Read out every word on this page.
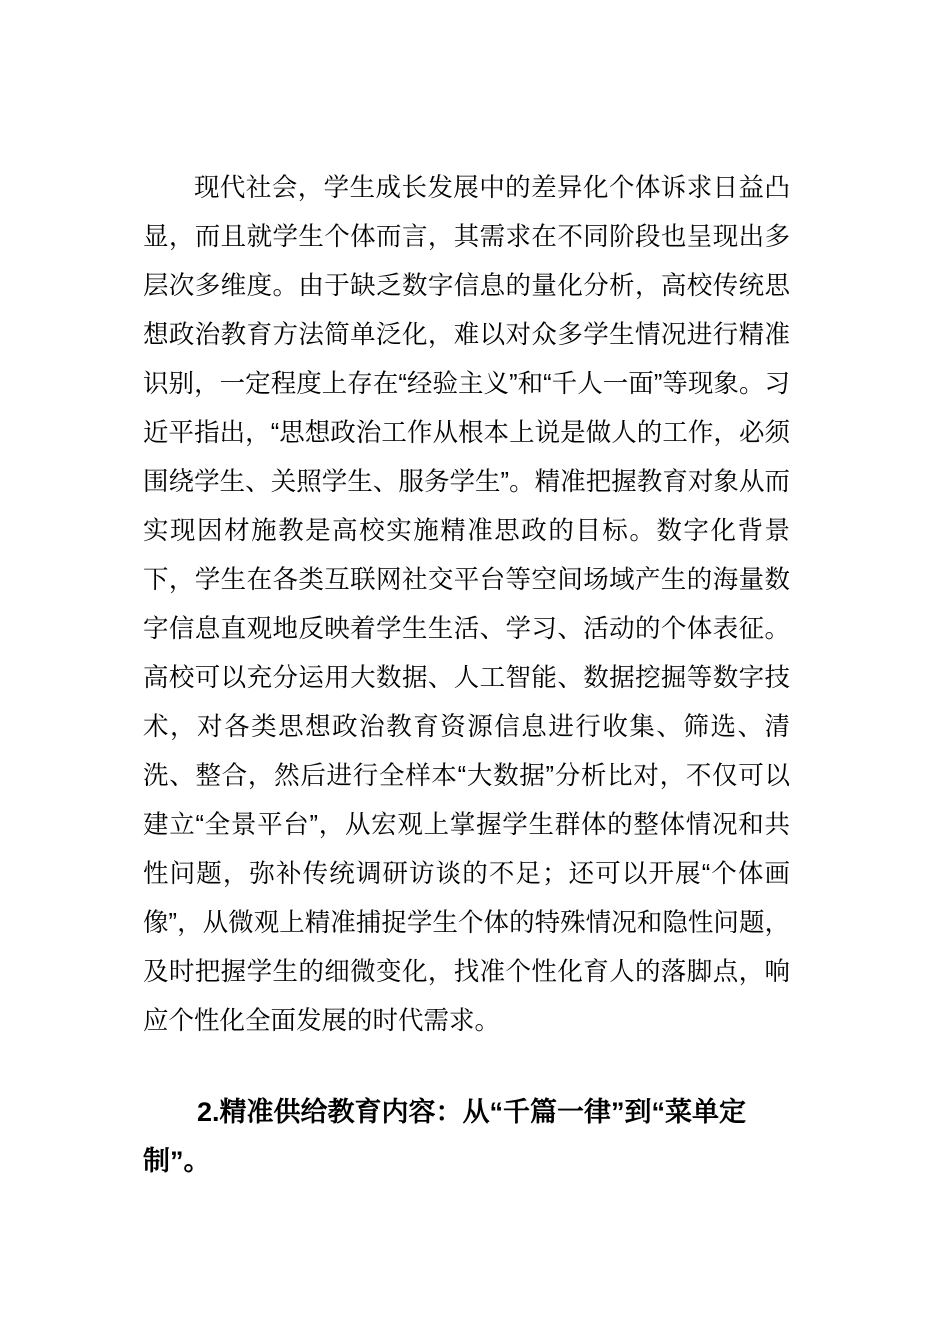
现代社会，学生成长发展中的差异化个体诉求日益凸显，而且就学生个体而言，其需求在不同阶段也呈现出多层次多维度。由于缺乏数字信息的量化分析，高校传统思想政治教育方法简单泛化，难以对众多学生情况进行精准识别，一定程度上存在“经验主义”和“千人一面”等现象。习近平指出，“思想政治工作从根本上说是做人的工作，必须围绕学生、关照学生、服务学生”。精准把握教育对象从而实现因材施教是高校实施精准思政的目标。数字化背景下，学生在各类互联网社交平台等空间场域产生的海量数字信息直观地反映着学生生活、学习、活动的个体表征。高校可以充分运用大数据、人工智能、数据挖掘等数字技术，对各类思想政治教育资源信息进行收集、筛选、清洗、整合，然后进行全样本“大数据”分析比对，不仅可以建立“全景平台”，从宏观上掌握学生群体的整体情况和共性问题，弥补传统调研访谈的不足；还可以开展“个体画像”，从微观上精准捕捉学生个体的特殊情况和隐性问题，及时把握学生的细微变化，找准个性化育人的落脚点，响应个性化全面发展的时代需求。

2.精准供给教育内容：从“千篇一律”到“菜单定制”。
